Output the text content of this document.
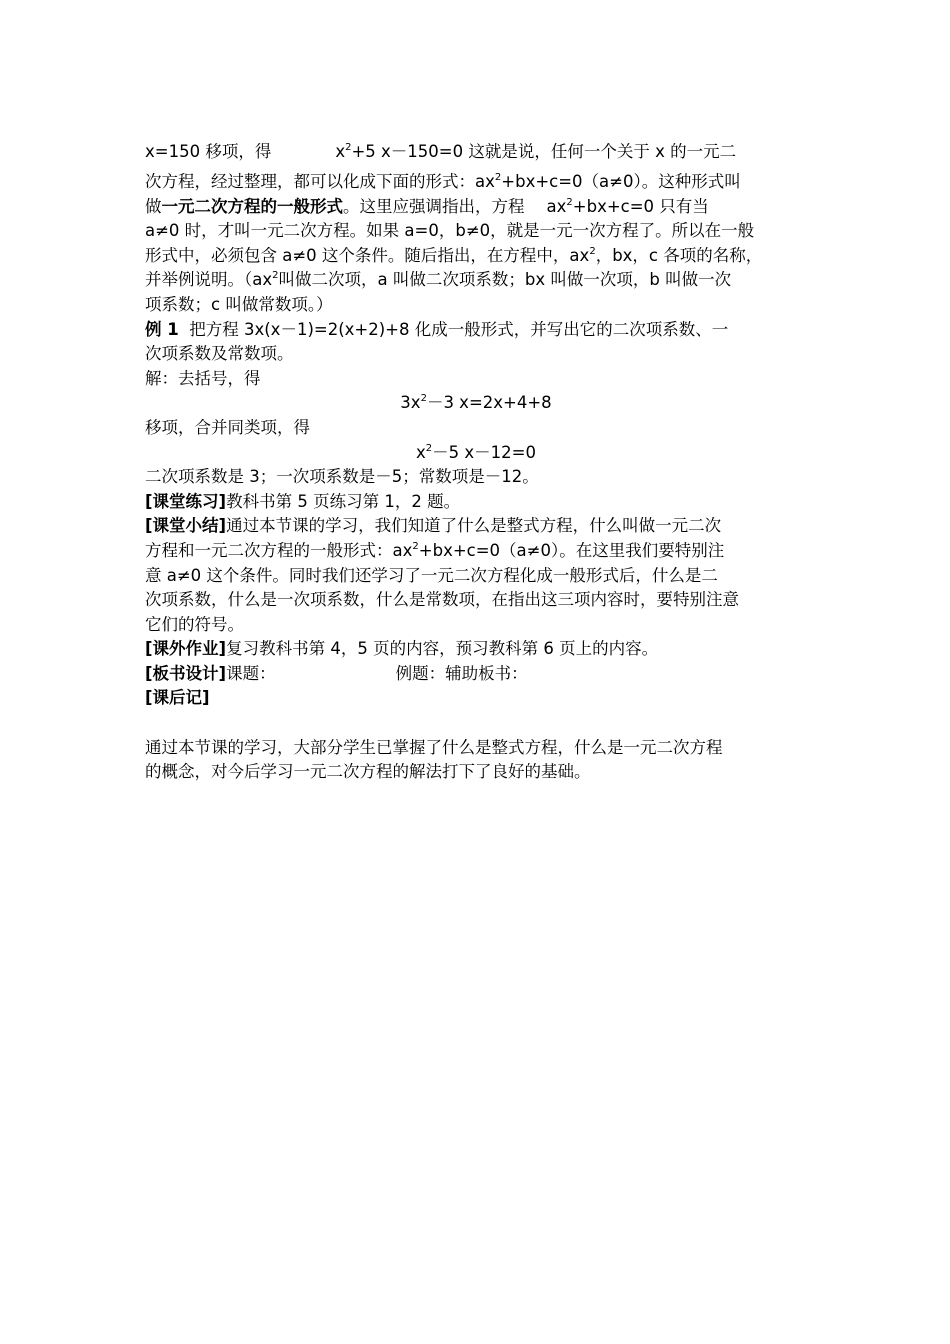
x=150 移项，得	$x^2+5$ x－150=0 这就是说，任何一个关于 x 的一元二
次方程，经过整理，都可以化成下面的形式：$ax^2+bx+c=0(a\ne 0)$。这种形式叫
做一元二次方程的一般形式。这里应强调指出，方程 $ax^2+bx+c=0$ 只有当
a≠0 时，才叫一元二次方程。如果 a=0，b≠0，就是一元一次方程了。所以在一般
形式中，必须包含 a≠0 这个条件。随后指出，在方程中，$ax^2$，bx，c 各项的名称，
并举例说明。（$ax^2$叫做二次项，a 叫做二次项系数；bx 叫做一次项，b 叫做一次
项系数；c 叫做常数项。）
例 1 把方程 3x(x－1)=2(x+2)+8 化成一般形式，并写出它的二次项系数、一
次项系数及常数项。
解：去括号，得
$3x^2-3$ x=2x+4+8
移项，合并同类项，得
$x^2-5$ x－12=0
二次项系数是 3；一次项系数是－5；常数项是－12。
[课堂练习]教科书第 5 页练习第 1，2 题。
[课堂小结]通过本节课的学习，我们知道了什么是整式方程，什么叫做一元二次
方程和一元二次方程的一般形式：$ax^2+bx+c=0(a\ne 0)$。在这里我们要特别注
意 a≠0 这个条件。同时我们还学习了一元二次方程化成一般形式后，什么是二
次项系数，什么是一次项系数，什么是常数项，在指出这三项内容时，要特别注意
它们的符号。
[课外作业]复习教科书第 4，5 页的内容，预习教科第 6 页上的内容。
[板书设计]课题：	例题：辅助板书：
[课后记]
通过本节课的学习，大部分学生已掌握了什么是整式方程，什么是一元二次方程
的概念，对今后学习一元二次方程的解法打下了良好的基础。
